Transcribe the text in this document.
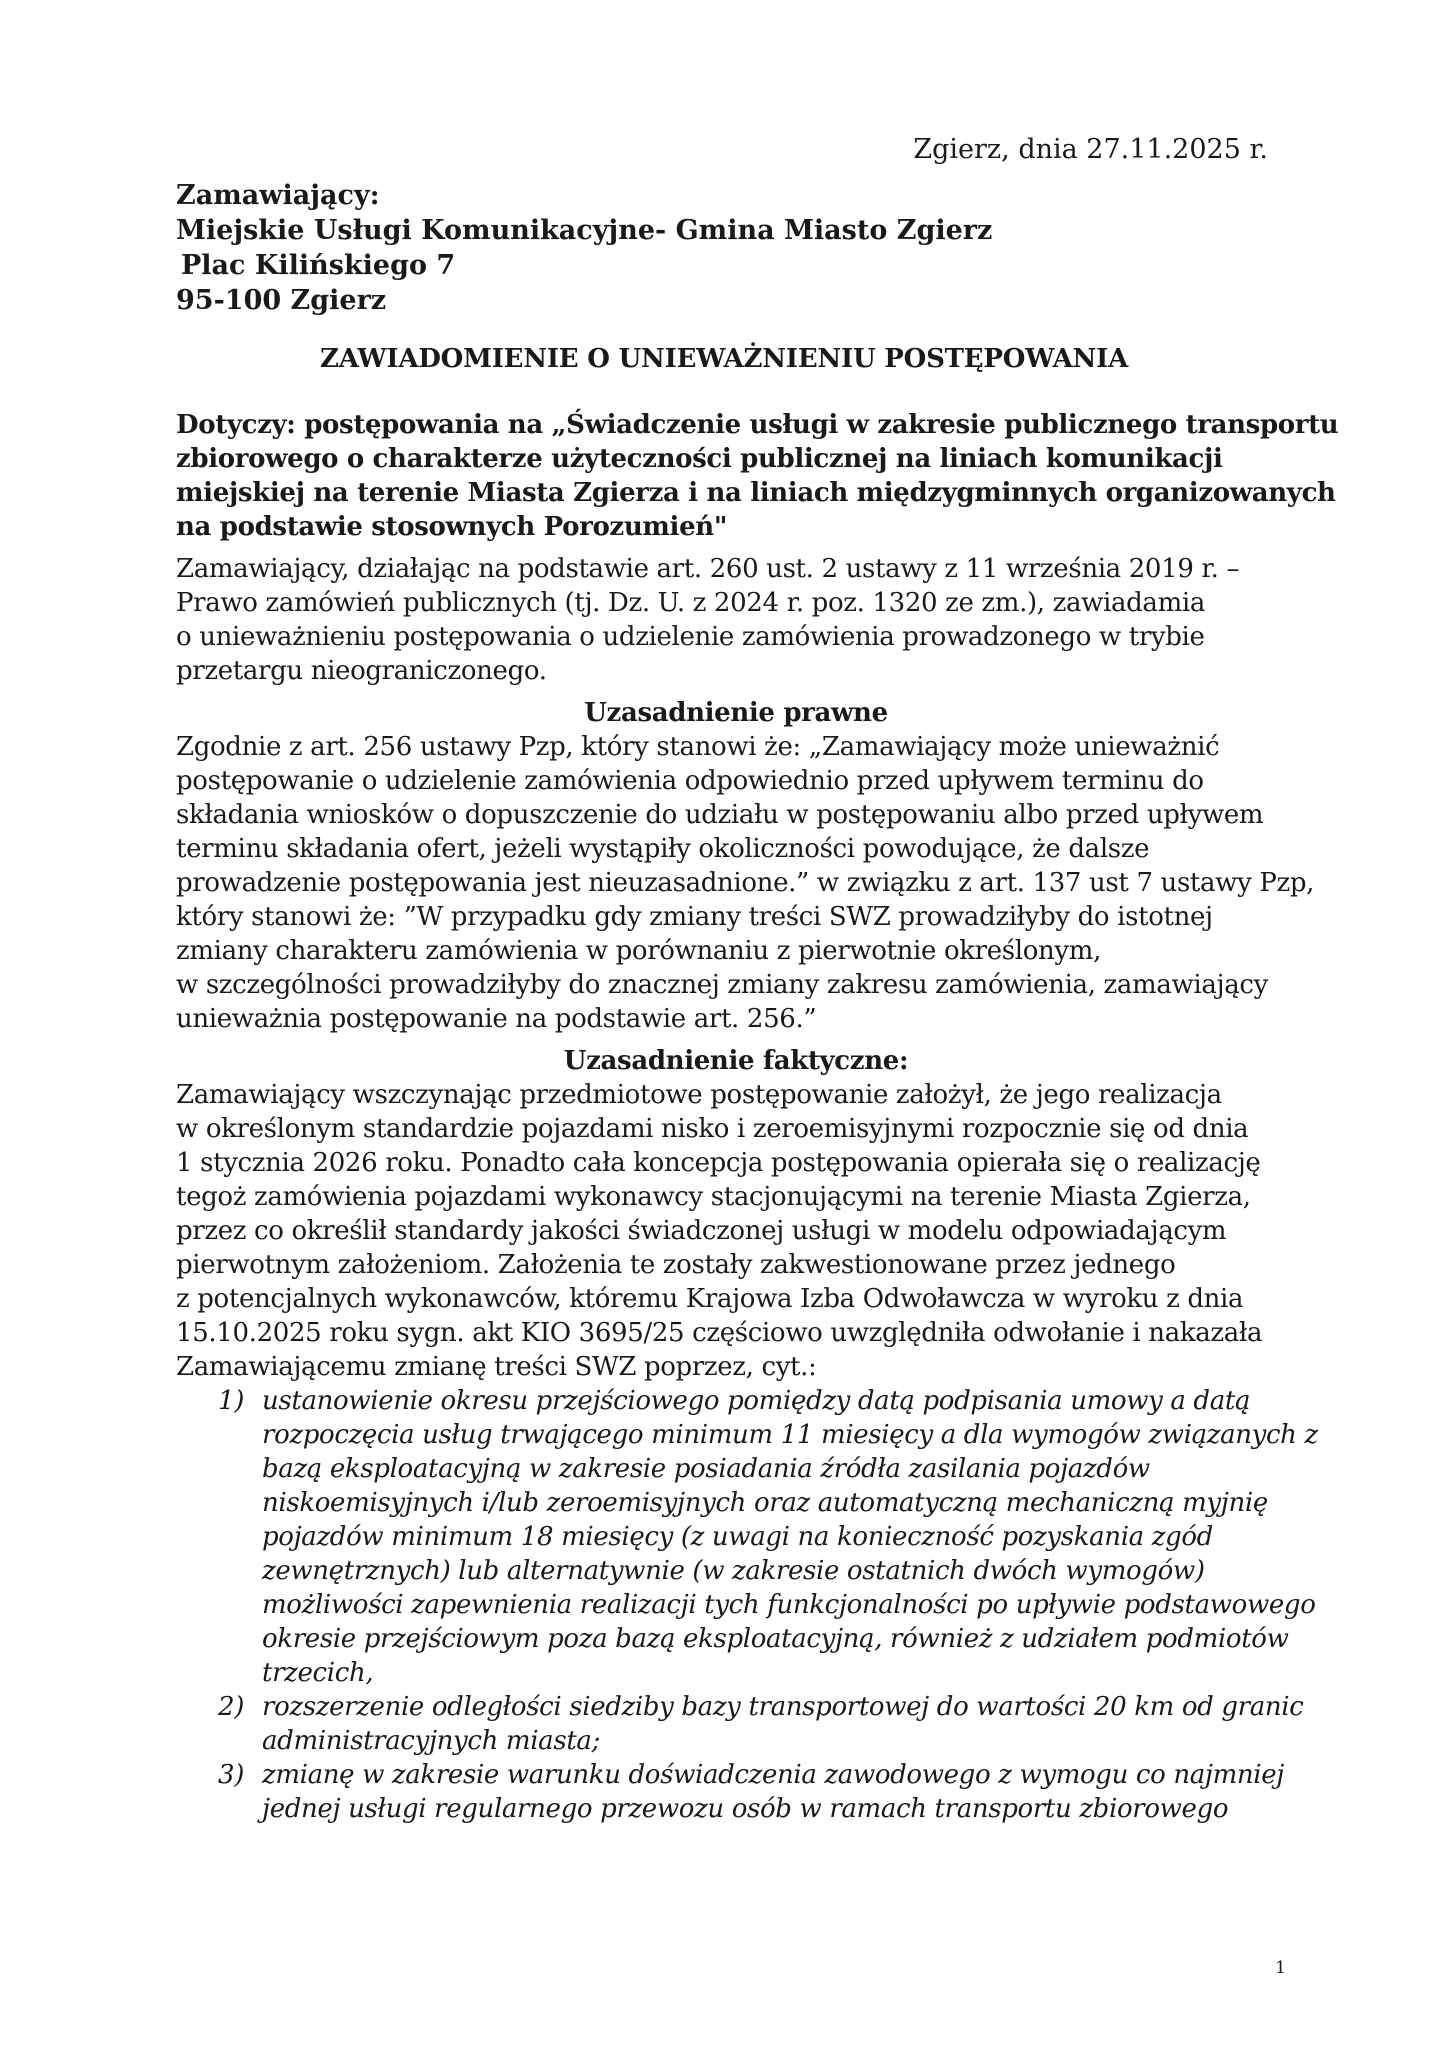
Zgierz, dnia 27.11.2025 r.
Zamawiający:
Miejskie Usługi Komunikacyjne- Gmina Miasto Zgierz
Plac Kilińskiego 7
95-100 Zgierz
ZAWIADOMIENIE O UNIEWAŻNIENIU POSTĘPOWANIA
Dotyczy: postępowania na „Świadczenie usługi w zakresie publicznego transportu
zbiorowego o charakterze użyteczności publicznej na liniach komunikacji
miejskiej na terenie Miasta Zgierza i na liniach międzygminnych organizowanych
na podstawie stosownych Porozumień"
Zamawiający, działając na podstawie art. 260 ust. 2 ustawy z 11 września 2019 r. –
Prawo zamówień publicznych (tj. Dz. U. z 2024 r. poz. 1320 ze zm.), zawiadamia
o unieważnieniu postępowania o udzielenie zamówienia prowadzonego w trybie
przetargu nieograniczonego.
Uzasadnienie prawne
Zgodnie z art. 256 ustawy Pzp, który stanowi że: „Zamawiający może unieważnić
postępowanie o udzielenie zamówienia odpowiednio przed upływem terminu do
składania wniosków o dopuszczenie do udziału w postępowaniu albo przed upływem
terminu składania ofert, jeżeli wystąpiły okoliczności powodujące, że dalsze
prowadzenie postępowania jest nieuzasadnione.” w związku z art. 137 ust 7 ustawy Pzp,
który stanowi że: ”W przypadku gdy zmiany treści SWZ prowadziłyby do istotnej
zmiany charakteru zamówienia w porównaniu z pierwotnie określonym,
w szczególności prowadziłyby do znacznej zmiany zakresu zamówienia, zamawiający
unieważnia postępowanie na podstawie art. 256.”
Uzasadnienie faktyczne:
Zamawiający wszczynając przedmiotowe postępowanie założył, że jego realizacja
w określonym standardzie pojazdami nisko i zeroemisyjnymi rozpocznie się od dnia
1 stycznia 2026 roku. Ponadto cała koncepcja postępowania opierała się o realizację
tegoż zamówienia pojazdami wykonawcy stacjonującymi na terenie Miasta Zgierza,
przez co określił standardy jakości świadczonej usługi w modelu odpowiadającym
pierwotnym założeniom. Założenia te zostały zakwestionowane przez jednego
z potencjalnych wykonawców, któremu Krajowa Izba Odwoławcza w wyroku z dnia
15.10.2025 roku sygn. akt KIO 3695/25 częściowo uwzględniła odwołanie i nakazała
Zamawiającemu zmianę treści SWZ poprzez, cyt.:
1) ustanowienie okresu przejściowego pomiędzy datą podpisania umowy a datą
rozpoczęcia usług trwającego minimum 11 miesięcy a dla wymogów związanych z
bazą eksploatacyjną w zakresie posiadania źródła zasilania pojazdów
niskoemisyjnych i/lub zeroemisyjnych oraz automatyczną mechaniczną myjnię
pojazdów minimum 18 miesięcy (z uwagi na konieczność pozyskania zgód
zewnętrznych) lub alternatywnie (w zakresie ostatnich dwóch wymogów)
możliwości zapewnienia realizacji tych funkcjonalności po upływie podstawowego
okresie przejściowym poza bazą eksploatacyjną, również z udziałem podmiotów
trzecich,
2) rozszerzenie odległości siedziby bazy transportowej do wartości 20 km od granic
administracyjnych miasta;
3) zmianę w zakresie warunku doświadczenia zawodowego z wymogu co najmniej
jednej usługi regularnego przewozu osób w ramach transportu zbiorowego
1
